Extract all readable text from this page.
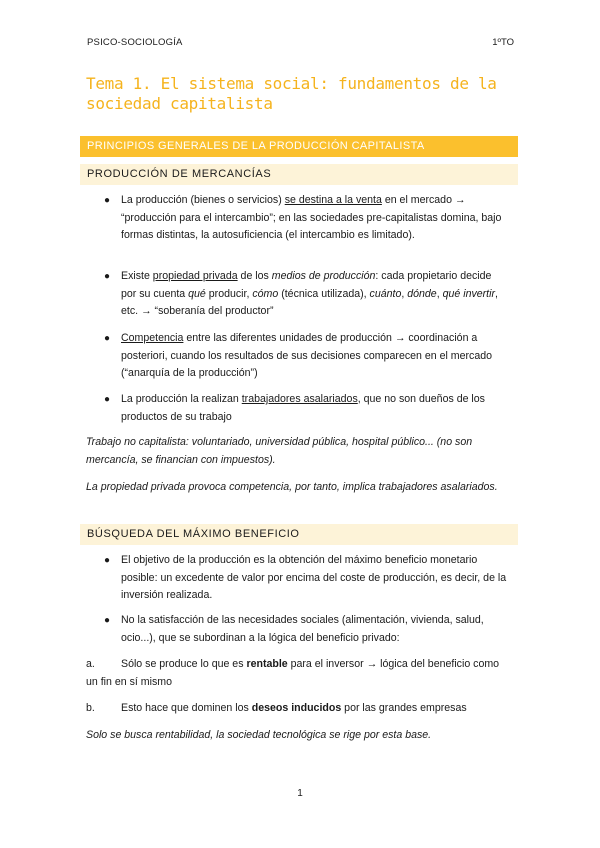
PSICO-SOCIOLOGÍA	1ºTO
Tema 1. El sistema social: fundamentos de la sociedad capitalista
PRINCIPIOS GENERALES DE LA PRODUCCIÓN CAPITALISTA
PRODUCCIÓN DE MERCANCÍAS
● La producción (bienes o servicios) se destina a la venta en el mercado → “producción para el intercambio”; en las sociedades pre-capitalistas domina, bajo formas distintas, la autosuficiencia (el intercambio es limitado).
● Existe propiedad privada de los medios de producción: cada propietario decide por su cuenta qué producir, cómo (técnica utilizada), cuánto, dónde, qué invertir, etc. → “soberanía del productor”
● Competencia entre las diferentes unidades de producción → coordinación a posteriori, cuando los resultados de sus decisiones comparecen en el mercado (“anarquía de la producción”)
● La producción la realizan trabajadores asalariados, que no son dueños de los productos de su trabajo
Trabajo no capitalista: voluntariado, universidad pública, hospital público... (no son mercancía, se financian con impuestos).
La propiedad privada provoca competencia, por tanto, implica trabajadores asalariados.
BÚSQUEDA DEL MÁXIMO BENEFICIO
● El objetivo de la producción es la obtención del máximo beneficio monetario posible: un excedente de valor por encima del coste de producción, es decir, de la inversión realizada.
● No la satisfacción de las necesidades sociales (alimentación, vivienda, salud, ocio...), que se subordinan a la lógica del beneficio privado:
a. Sólo se produce lo que es rentable para el inversor → lógica del beneficio como un fin en sí mismo
b. Esto hace que dominen los deseos inducidos por las grandes empresas
Solo se busca rentabilidad, la sociedad tecnológica se rige por esta base.
1
